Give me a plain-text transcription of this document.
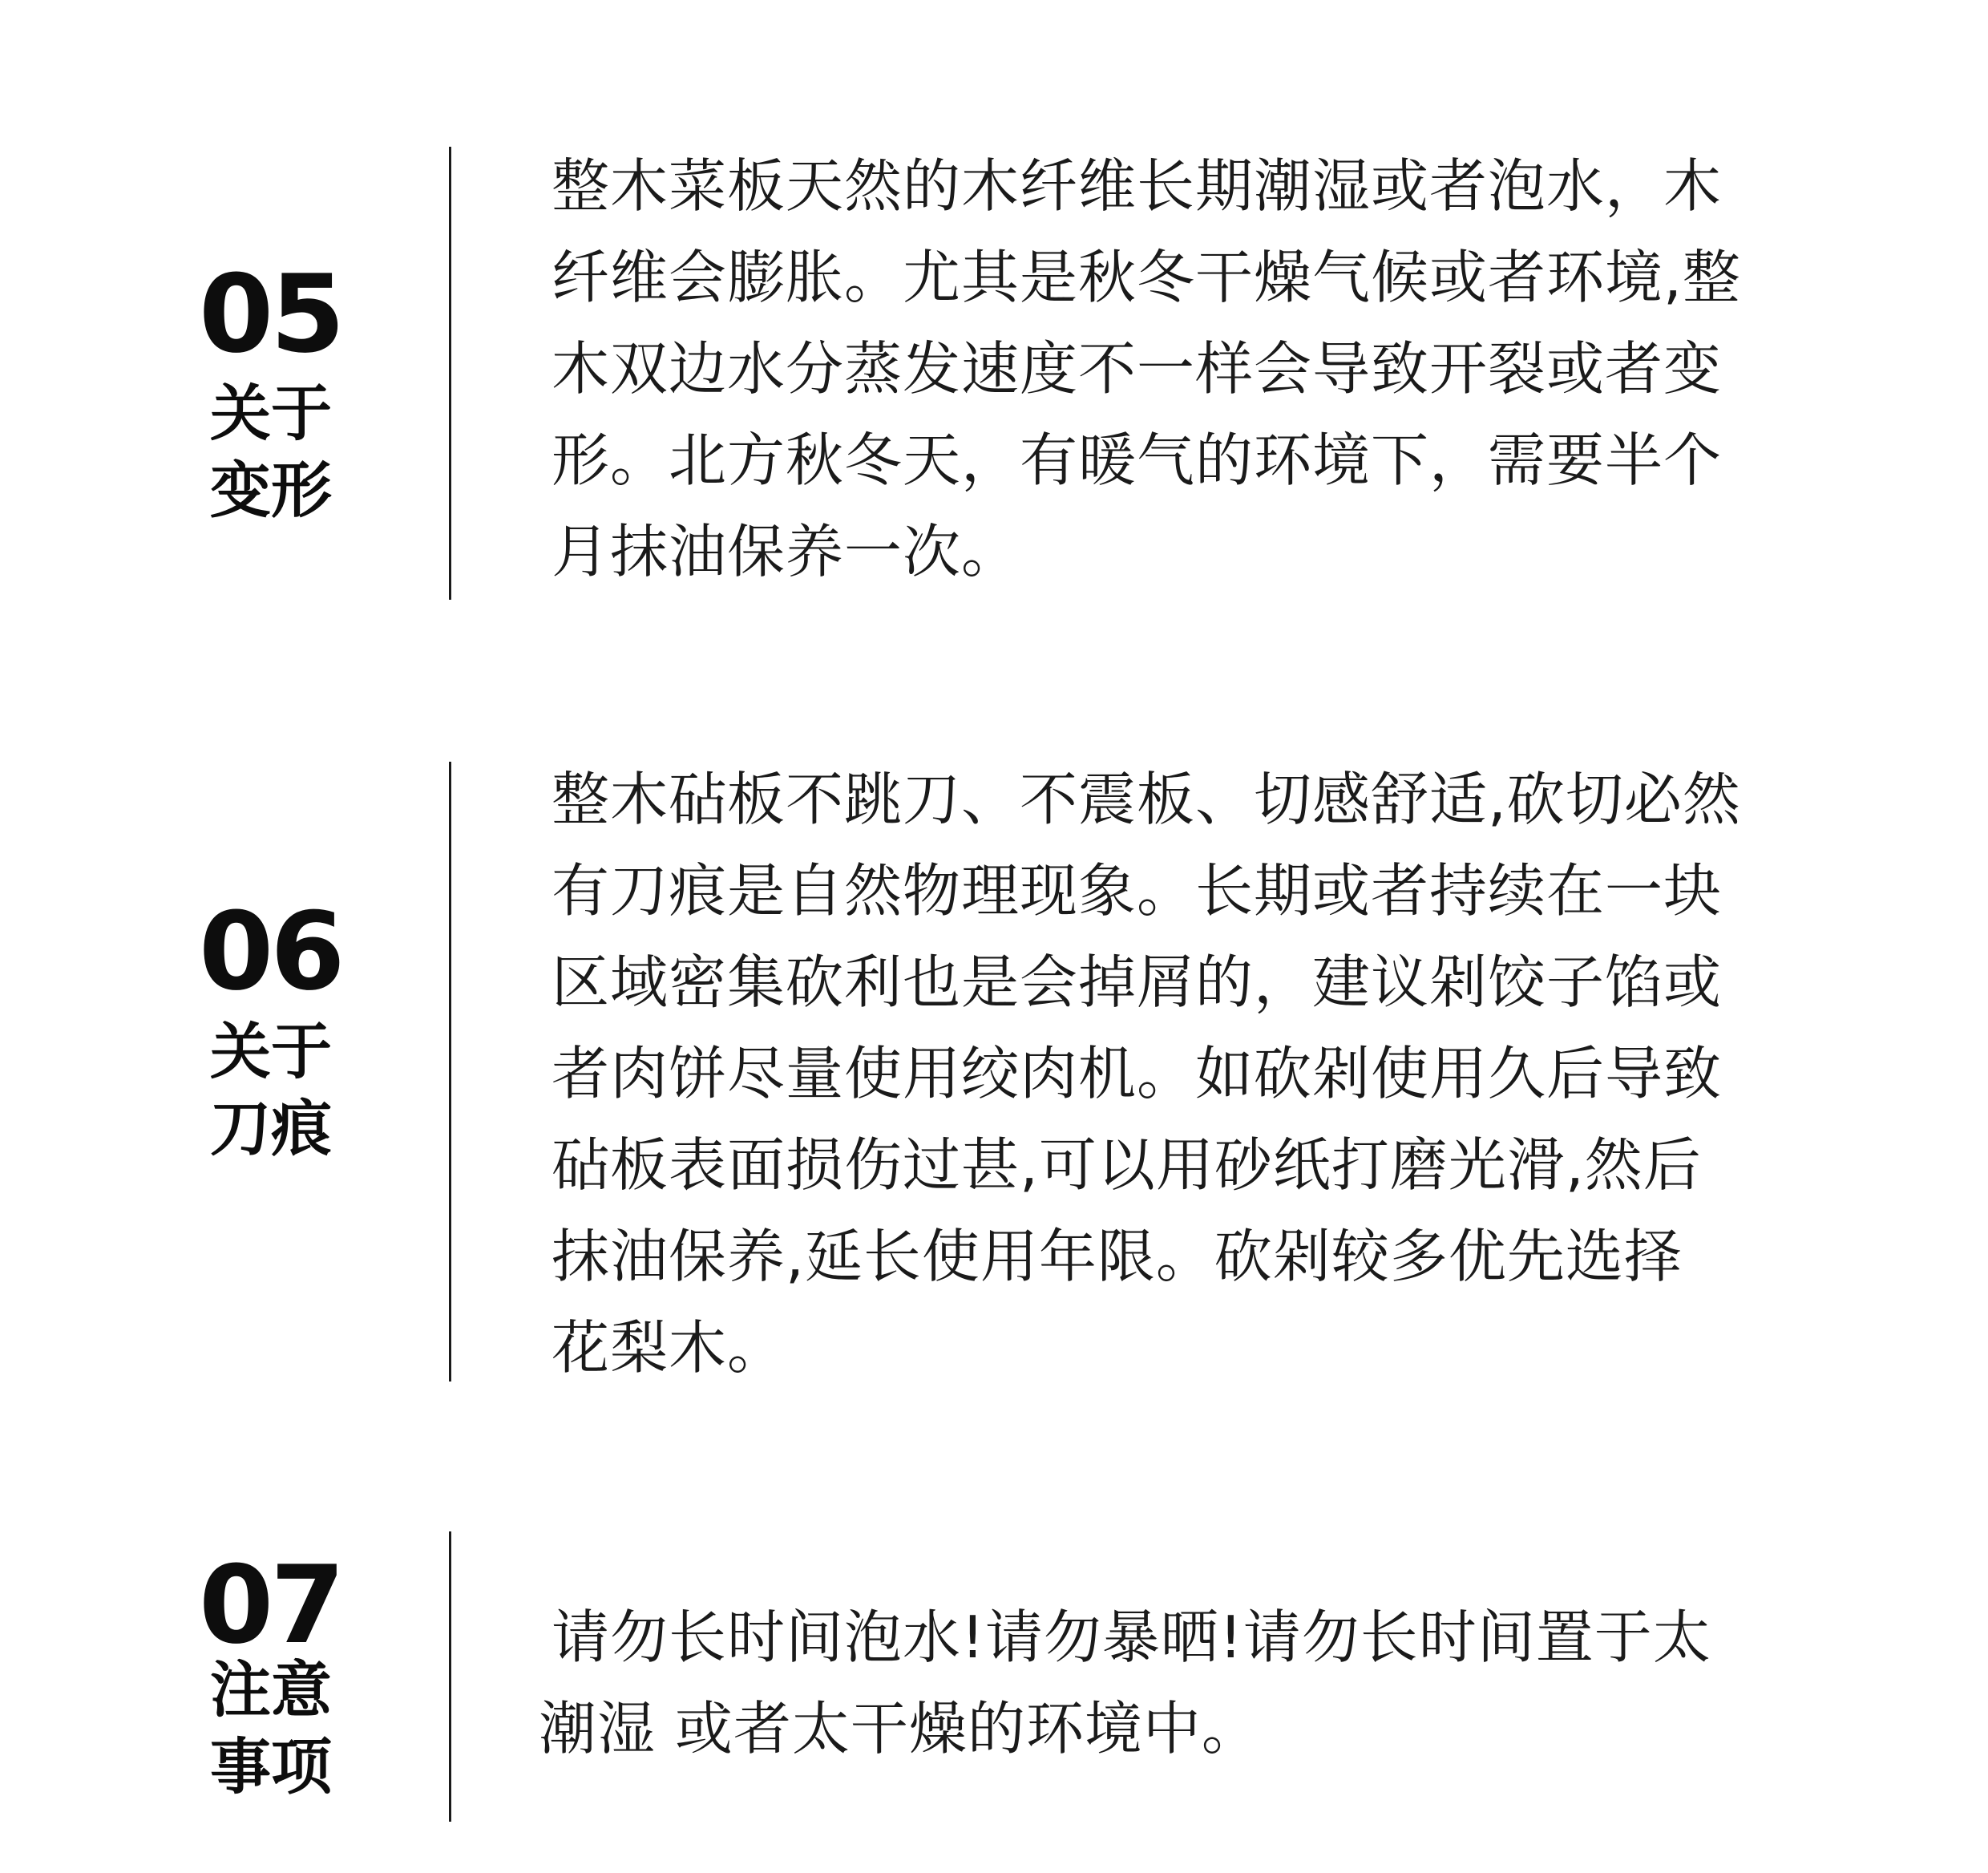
05
关于
变形
整木菜板天然的木纤维长期潮湿或者泡水，木
纤维会膨胀。尤其是秋冬干燥气候或者环境,整
木双边水分蒸发速度不一样会导致开裂或者变
形。北方秋冬天，有暖气的环境下，需要半个
月抹油保养一次。
06
关于
刀痕
整木砧板不跳刀、不震板、切感舒适,砍切必然
有刀痕是自然物理现象。长期或者持续在一块
区域密集砍利也是会掉屑的，建议剁饺子馅或
者肉饼尽量使用绞肉机。如砍剁使用久后导致
砧板表面损伤过甚,可以用砂纸打磨光滑,然后
抹油保养,延长使用年限。砍剁较多优先选择
花梨木。
07
注意
事项
请勿长时间泡水!请勿暴晒!请勿长时间置于太
潮湿 或者太干燥的环境中。
